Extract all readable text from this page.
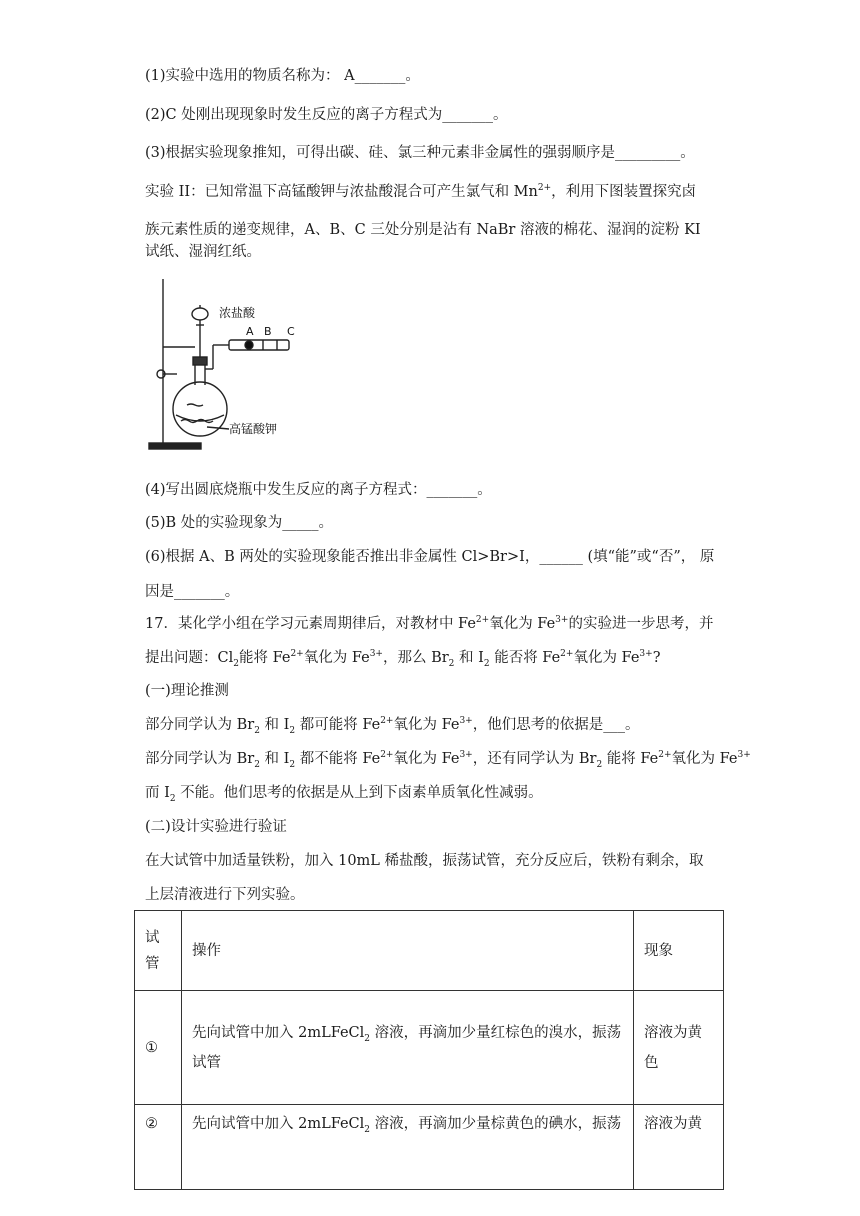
(1)实验中选用的物质名称为： A_______。
(2)C 处刚出现现象时发生反应的离子方程式为_______。
(3)根据实验现象推知，可得出碳、硅、氯三种元素非金属性的强弱顺序是_________。
实验 II：已知常温下高锰酸钾与浓盐酸混合可产生氯气和 $Mn^{2+}$，利用下图装置探究卤
族元素性质的递变规律，A、B、C 三处分别是沾有 NaBr 溶液的棉花、湿润的淀粉 KI
试纸、湿润红纸。
浓盐酸
A B C
高锰酸钾
(4)写出圆底烧瓶中发生反应的离子方程式：_______。
(5)B 处的实验现象为_____。
(6)根据 A、B 两处的实验现象能否推出非金属性 Cl>Br>I，______ (填“能”或“否”， 原
因是_______。
17．某化学小组在学习元素周期律后，对教材中 $Fe^{2+}$氧化为 $Fe^{3+}$的实验进一步思考，并
提出问题：$Cl_2$能将 $Fe^{2+}$氧化为 $Fe^{3+}$，那么 $Br_2$ 和 $I_2$ 能否将 $Fe^{2+}$氧化为 $Fe^{3+}$?
(一)理论推测
部分同学认为 $Br_2$ 和 $I_2$ 都可能将 $Fe^{2+}$氧化为 $Fe^{3+}$，他们思考的依据是___。
部分同学认为 $Br_2$ 和 $I_2$ 都不能将 $Fe^{2+}$氧化为 $Fe^{3+}$，还有同学认为 $Br_2$ 能将 $Fe^{2+}$氧化为 $Fe^{3+}$
而 $I_2$ 不能。他们思考的依据是从上到下卤素单质氧化性减弱。
(二)设计实验进行验证
在大试管中加适量铁粉，加入 10mL 稀盐酸，振荡试管，充分反应后，铁粉有剩余，取
上层清液进行下列实验。
试管	操作	现象
①	先向试管中加入 2mLFeCl$_2$ 溶液，再滴加少量红棕色的溴水，振荡试管	溶液为黄色
②	先向试管中加入 2mLFeCl$_2$ 溶液，再滴加少量棕黄色的碘水，振荡	溶液为黄
